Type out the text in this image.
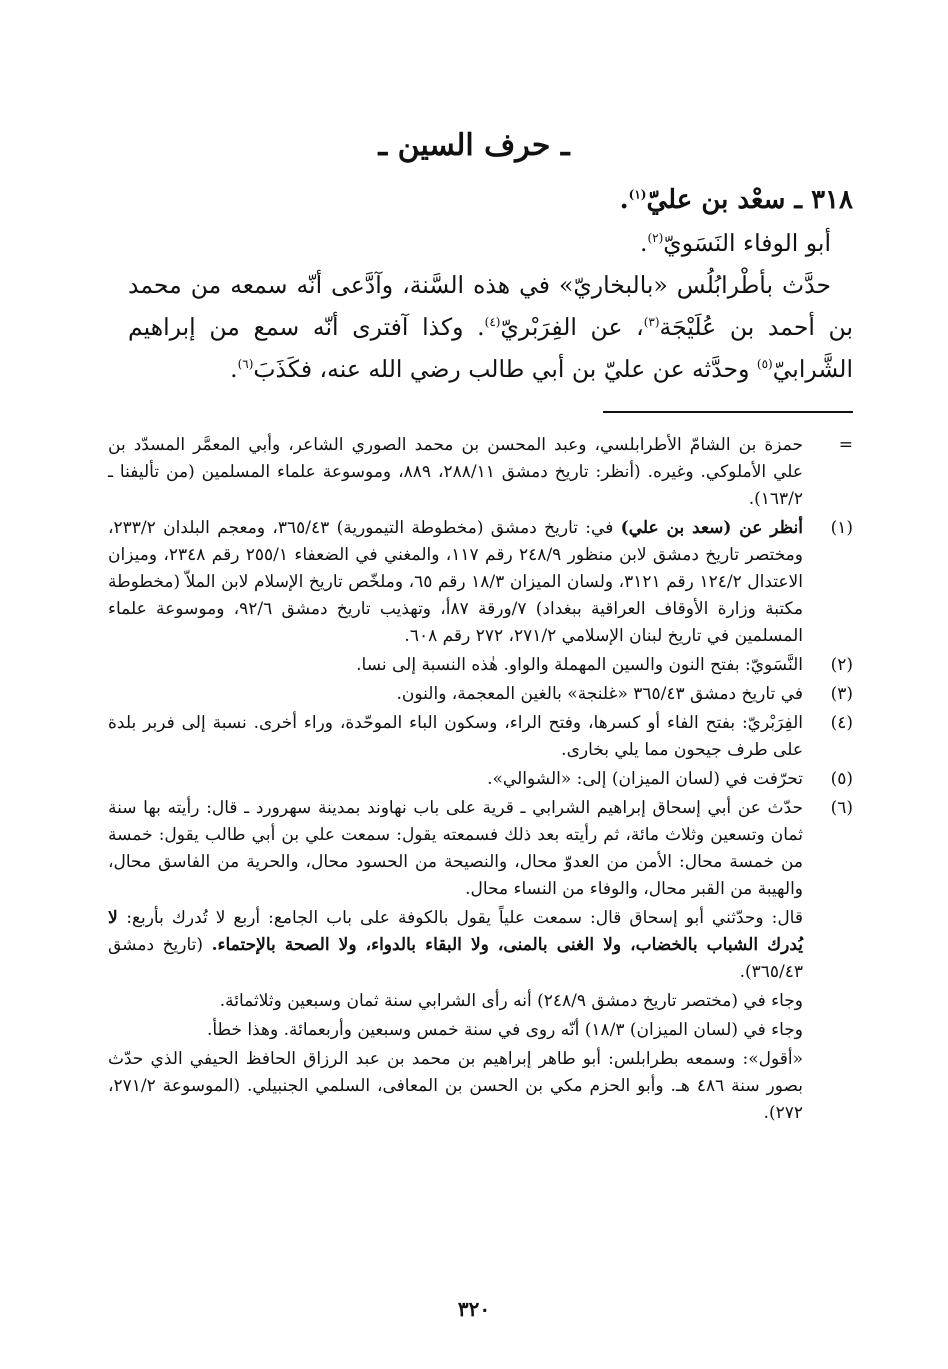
ـ حرف السين ـ

٣١٨ ـ سعْد بن عليّ$^{(١)}$.

أبو الوفاء النَسَويّ$^{(٢)}$.

حدَّث بأطْرابُلُس «بالبخاريّ» في هذه السَّنة، وآدَّعى أنّه سمعه من محمد بن أحمد بن عُلَيْجَة$^{(٣)}$، عن الفِرَبْريّ$^{(٤)}$. وكذا آفترى أنّه سمع من إبراهيم الشَّرابيّ$^{(٥)}$ وحدَّثه عن عليّ بن أبي طالب رضي الله عنه، فكَذَبَ$^{(٦)}$.

=

حمزة بن الشامّ الأطرابلسي، وعبد المحسن بن محمد الصوري الشاعر، وأبي المعمَّر المسدّد بن علي الأملوكي. وغيره. (أنظر: تاريخ دمشق ٢٨٨/١١، ٨٨٩، وموسوعة علماء المسلمين (من تأليفنا ـ ١٦٣/٢).

(١)

أنظر عن (سعد بن علي) في: تاريخ دمشق (مخطوطة التيمورية) ٣٦٥/٤٣، ومعجم البلدان ٢٣٣/٢، ومختصر تاريخ دمشق لابن منظور ٢٤٨/٩ رقم ١١٧، والمغني في الضعفاء ٢٥٥/١ رقم ٢٣٤٨، وميزان الاعتدال ١٢٤/٢ رقم ٣١٢١، ولسان الميزان ١٨/٣ رقم ٦٥، وملخّص تاريخ الإسلام لابن الملاّ (مخطوطة مكتبة وزارة الأوقاف العراقية ببغداد) ٧/ورقة ٨٧أ، وتهذيب تاريخ دمشق ٩٢/٦، وموسوعة علماء المسلمين في تاريخ لبنان الإسلامي ٢٧١/٢، ٢٧٢ رقم ٦٠٨.

(٢)

النَّسَويّ: بفتح النون والسين المهملة والواو. هٰذه النسبة إلى نسا.

(٣)

في تاريخ دمشق ٣٦٥/٤٣ «غلنجة» بالغين المعجمة، والنون.

(٤)

الفِرَبْريّ: بفتح الفاء أو كسرها، وفتح الراء، وسكون الباء الموحّدة، وراء أخرى. نسبة إلى فربر بلدة على طرف جيحون مما يلي بخارى.

(٥)

تحرّفت في (لسان الميزان) إلى: «الشوالي».

(٦)

حدّث عن أبي إسحاق إبراهيم الشرابي ـ قرية على باب نهاوند بمدينة سهرورد ـ قال: رأيته بها سنة ثمان وتسعين وثلاث مائة، ثم رأيته بعد ذلك فسمعته يقول: سمعت علي بن أبي طالب يقول: خمسة من خمسة محال: الأمن من العدوّ محال، والنصيحة من الحسود محال، والحرية من الفاسق محال، والهيبة من القبر محال، والوفاء من النساء محال.

قال: وحدّثني أبو إسحاق قال: سمعت علياً يقول بالكوفة على باب الجامع: أربع لا تُدرك بأربع: لا يُدرك الشباب بالخضاب، ولا الغنى بالمنى، ولا البقاء بالدواء، ولا الصحة بالإحتماء. (تاريخ دمشق ٣٦٥/٤٣).

وجاء في (مختصر تاريخ دمشق ٢٤٨/٩) أنه رأى الشرابي سنة ثمان وسبعين وثلاثمائة.

وجاء في (لسان الميزان) ١٨/٣) أنّه روى في سنة خمس وسبعين وأربعمائة. وهذا خطأ.

«أقول»: وسمعه بطرابلس: أبو طاهر إبراهيم بن محمد بن عبد الرزاق الحافظ الحيفي الذي حدّث بصور سنة ٤٨٦ هـ. وأبو الحزم مكي بن الحسن بن المعافى، السلمي الجنبيلي. (الموسوعة ٢٧١/٢، ٢٧٢).

٣٢٠
